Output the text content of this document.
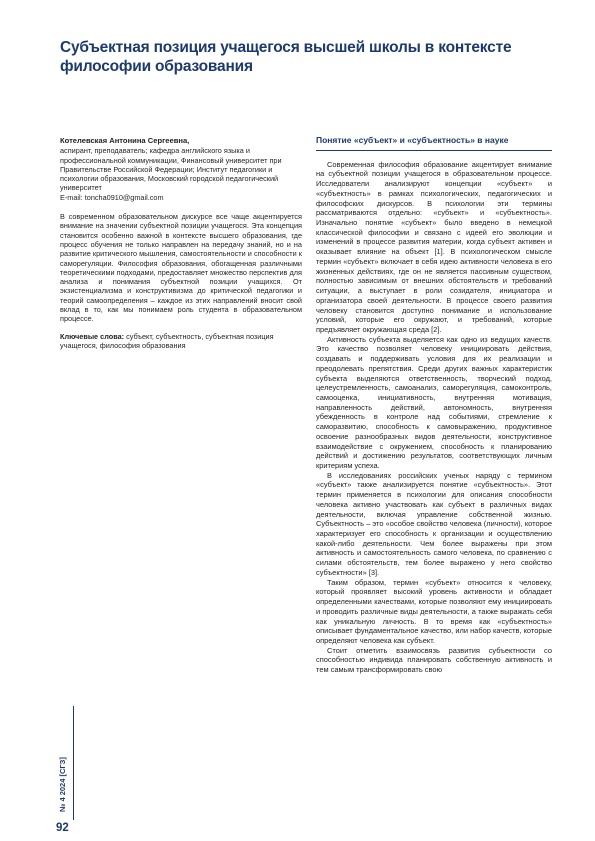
Субъектная позиция учащегося высшей школы в контексте философии образования
Котелевская Антонина Сергеевна,
аспирант, преподаватель; кафедра английского языка и профессиональной коммуникации, Финансовый университет при Правительстве Российской Федерации; Институт педагогики и психологии образования, Московский городской педагогический университет
E-mail: toncha0910@gmail.com
В современном образовательном дискурсе все чаще акцентируется внимание на значении субъектной позиции учащегося. Эта концепция становится особенно важной в контексте высшего образования, где процесс обучения не только направлен на передачу знаний, но и на развитие критического мышления, самостоятельности и способности к саморегуляции. Философия образования, обогащенная различными теоретическими подходами, предоставляет множество перспектив для анализа и понимания субъектной позиции учащихся. От экзистенциализма и конструктивизма до критической педагогики и теорий самоопределения – каждое из этих направлений вносит свой вклад в то, как мы понимаем роль студента в образовательном процессе.
Ключевые слова: субъект, субъектность, субъектная позиция учащегося, философия образования
Понятие «субъект» и «субъектность» в науке

Современная философия образование акцентирует внимание на субъектной позиции учащегося в образовательном процессе. Исследователи анализируют концепции «субъект» и «субъектность» в рамках психологических, педагогических и философских дискурсов. В психологии эти термины рассматриваются отдельно: «субъект» и «субъектность». Изначально понятие «субъект» было введено в немецкой классической философии и связано с идеей его эволюции и изменений в процессе развития материи, когда субъект активен и оказывает влияние на объект [1]. В психологическом смысле термин «субъект» включает в себя идею активности человека в его жизненных действиях, где он не является пассивным существом, полностью зависимым от внешних обстоятельств и требований ситуации, а выступает в роли созидателя, инициатора и организатора своей деятельности. В процессе своего развития человеку становится доступно понимание и использование условий, которые его окружают, и требований, которые предъявляет окружающая среда [2].

Активность субъекта выделяется как одно из ведущих качеств. Это качество позволяет человеку инициировать действия, создавать и поддерживать условия для их реализации и преодолевать препятствия. Среди других важных характеристик субъекта выделяются ответственность, творческий подход, целеустремленность, самоанализ, саморегуляция, самоконтроль, самооценка, инициативность, внутренняя мотивация, направленность действий, автономность, внутренняя убежденность в контроле над событиями, стремление к саморазвитию, способность к самовыражению, продуктивное освоение разнообразных видов деятельности, конструктивное взаимодействие с окружением, способность к планированию действий и достижению результатов, соответствующих личным критериям успеха.

В исследованиях российских ученых наряду с термином «субъект» также анализируется понятие «субъектность». Этот термин применяется в психологии для описания способности человека активно участвовать как субъект в различных видах деятельности, включая управление собственной жизнью. Субъектность – это «особое свойство человека (личности), которое характеризует его способность к организации и осуществлению какой-либо деятельности. Чем более выражены при этом активность и самостоятельность самого человека, по сравнению с силами обстоятельств, тем более выражено у него свойство субъектности» [3].

Таким образом, термин «субъект» относится к человеку, который проявляет высокий уровень активности и обладает определенными качествами, которые позволяют ему инициировать и проводить различные виды деятельности, а также выражать себя как уникальную личность. В то время как «субъектность» описывает фундаментальное качество, или набор качеств, которые определяют человека как субъект.

Стоит отметить взаимосвязь развития субъектности со способностью индивида планировать собственную активность и тем самым трансформировать свою

№ 4 2024 [СГЗ]
92
